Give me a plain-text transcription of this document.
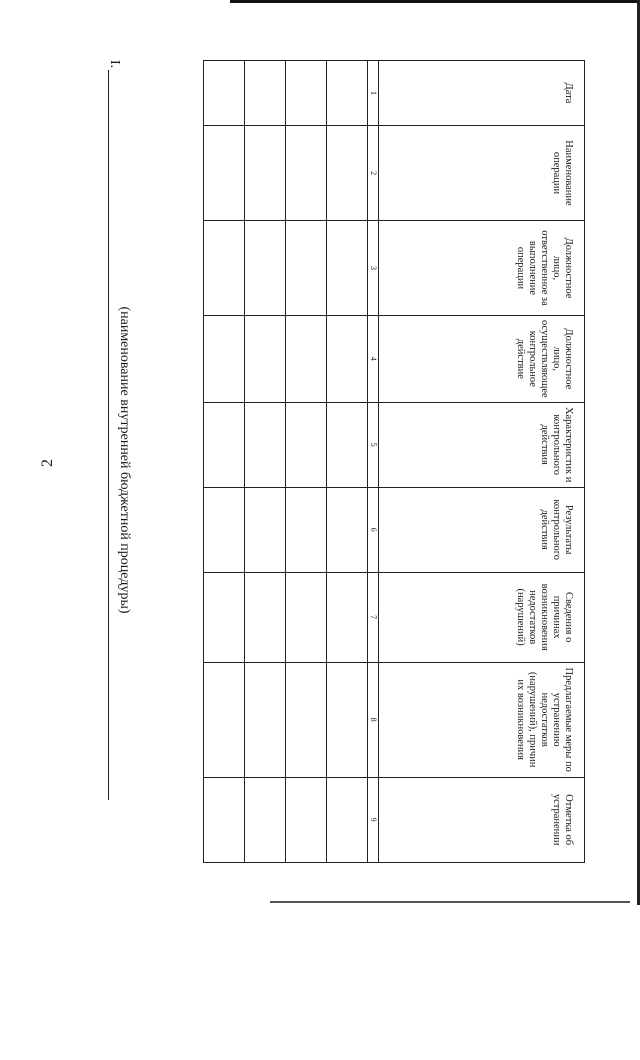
2
Дата	Наименование операции	Должностное лицо, ответственное за выполнение операции	Должностное лицо, осуществляющее контрольное действие	Характеристик и контрольного действия	Результаты контрольного действия	Сведения о причинах возникновения недостатков (нарушений)	Предлагаемые меры по устранению недостатков (нарушений), причин их возникновения	Отметка об устранении

1	2	3	4	5	6	7	8	9

I.
(наименование внутренней бюджетной процедуры)
